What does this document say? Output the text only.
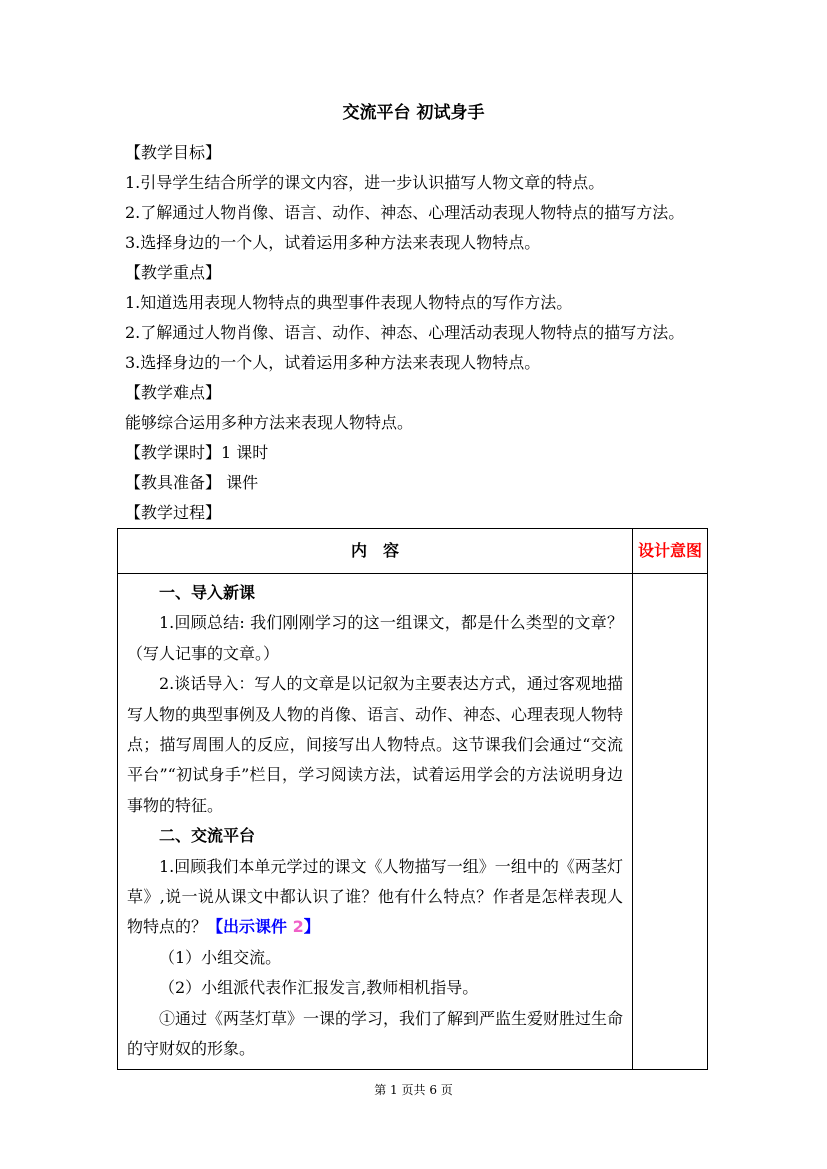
交流平台 初试身手

【教学目标】

1.引导学生结合所学的课文内容，进一步认识描写人物文章的特点。

2.了解通过人物肖像、语言、动作、神态、心理活动表现人物特点的描写方法。

3.选择身边的一个人，试着运用多种方法来表现人物特点。

【教学重点】

1.知道选用表现人物特点的典型事件表现人物特点的写作方法。

2.了解通过人物肖像、语言、动作、神态、心理活动表现人物特点的描写方法。

3.选择身边的一个人，试着运用多种方法来表现人物特点。

【教学难点】

能够综合运用多种方法来表现人物特点。

【教学课时】1 课时

【教具准备】 课件

【教学过程】

内　容	设计意图

一、导入新课

1.回顾总结: 我们刚刚学习的这一组课文，都是什么类型的文章？（写人记事的文章。）

2.谈话导入：写人的文章是以记叙为主要表达方式，通过客观地描写人物的典型事例及人物的肖像、语言、动作、神态、心理表现人物特点；描写周围人的反应，间接写出人物特点。这节课我们会通过“交流平台”“初试身手”栏目，学习阅读方法，试着运用学会的方法说明身边事物的特征。

二、交流平台

1.回顾我们本单元学过的课文《人物描写一组》一组中的《两茎灯草》,说一说从课文中都认识了谁？他有什么特点？作者是怎样表现人物特点的？【出示课件 2】

（1）小组交流。

（2）小组派代表作汇报发言,教师相机指导。

①通过《两茎灯草》一课的学习，我们了解到严监生爱财胜过生命的守财奴的形象。

第 1 页共 6 页
